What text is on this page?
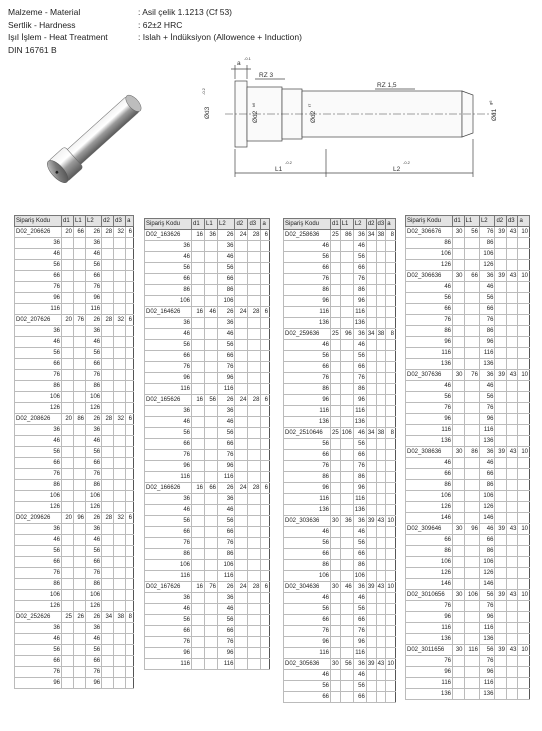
Malzeme - Material	: Asil çelik 1.1213 (Cf 53)
Sertlik - Hardness	: 62±2 HRC
Işıl İşlem - Heat Treatment	: Islah + İndüksiyon (Allowence + Induction)
DIN 16761 B
a
-0.1
RZ 3
RZ 1,5
Ød3
-0.2
Ød2
k6
Ød2
f7
Ød1
g6
L1
-0.2
L2
-0.2
Sipariş Kodu	d1	L1	L2	d2	d3	a
D02_206626	20	66	26	28	32	6
36			36			
46			46			
56			56			
66			66			
76			76			
96			96			
116			116			
D02_207626	20	76	26	28	32	6
36			36			
46			46			
56			56			
66			66			
76			76			
86			86			
106			106			
126			126			
D02_208626	20	86	26	28	32	6
36			36			
46			46			
56			56			
66			66			
76			76			
86			86			
106			106			
126			126			
D02_209626	20	96	26	28	32	6
36			36			
46			46			
56			56			
66			66			
76			76			
86			86			
106			106			
126			126			
D02_252626	25	26	26	34	38	8
36			36			
46			46			
56			56			
66			66			
76			76			
96			96			
Sipariş Kodu	d1	L1	L2	d2	d3	a
D02_163626	16	36	26	24	28	6
36			36			
46			46			
56			56			
66			66			
86			86			
106			106			
D02_164626	16	46	26	24	28	6
36			36			
46			46			
56			56			
66			66			
76			76			
96			96			
116			116			
D02_165626	16	56	26	24	28	6
36			36			
46			46			
56			56			
66			66			
76			76			
96			96			
116			116			
D02_166626	16	66	26	24	28	6
36			36			
46			46			
56			56			
66			66			
76			76			
86			86			
106			106			
116			116			
D02_167626	16	76	26	24	28	6
36			36			
46			46			
56			56			
66			66			
76			76			
96			96			
116			116			
Sipariş Kodu	d1	L1	L2	d2	d3	a
D02_258636	25	86	36	34	38	8
46			46			
56			56			
66			66			
76			76			
86			86			
96			96			
116			116			
136			136			
D02_259636	25	96	36	34	38	8
46			46			
56			56			
66			66			
76			76			
86			86			
96			96			
116			116			
136			136			
D02_2510646	25	106	46	34	38	8
56			56			
66			66			
76			76			
86			86			
96			96			
116			116			
136			136			
D02_303636	30	36	36	39	43	10
46			46			
56			56			
66			66			
86			86			
106			106			
D02_304636	30	46	36	39	43	10
46			46			
56			56			
66			66			
76			76			
96			96			
116			116			
D02_305636	30	56	36	39	43	10
46			46			
56			56			
66			66			
Sipariş Kodu	d1	L1	L2	d2	d3	a
D02_306676	30	56	76	39	43	10
86			86			
106			106			
126			126			
D02_306636	30	66	36	39	43	10
46			46			
56			56			
66			66			
76			76			
86			86			
96			96			
116			116			
136			136			
D02_307636	30	76	36	39	43	10
46			46			
56			56			
76			76			
96			96			
116			116			
136			136			
D02_308636	30	86	36	39	43	10
46			46			
66			66			
86			86			
106			106			
126			126			
146			146			
D02_309646	30	96	46	39	43	10
66			66			
86			86			
106			106			
126			126			
146			146			
D02_3010656	30	106	56	39	43	10
76			76			
96			96			
116			116			
136			136			
D02_3011656	30	116	56	39	43	10
76			76			
96			96			
116			116			
136			136			
